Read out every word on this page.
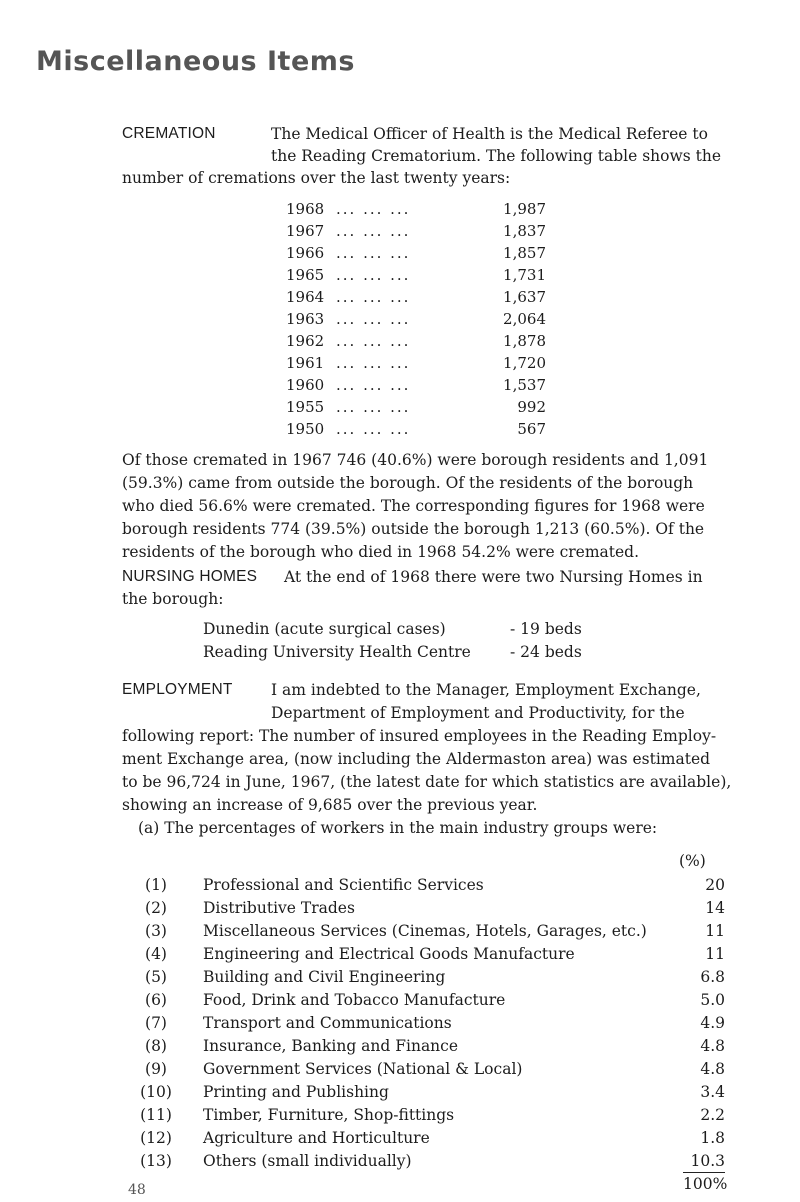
Miscellaneous Items
CREMATION	The Medical Officer of Health is the Medical Referee to
the Reading Crematorium. The following table shows the
number of cremations over the last twenty years:
1968 ... ... ...	1,987
1967 ... ... ...	1,837
1966 ... ... ...	1,857
1965 ... ... ...	1,731
1964 ... ... ...	1,637
1963 ... ... ...	2,064
1962 ... ... ...	1,878
1961 ... ... ...	1,720
1960 ... ... ...	1,537
1955 ... ... ...	992
1950 ... ... ...	567
Of those cremated in 1967 746 (40.6%) were borough residents and 1,091
(59.3%) came from outside the borough. Of the residents of the borough
who died 56.6% were cremated. The corresponding figures for 1968 were
borough residents 774 (39.5%) outside the borough 1,213 (60.5%). Of the
residents of the borough who died in 1968 54.2% were cremated.
NURSING HOMES At the end of 1968 there were two Nursing Homes in
the borough:
Dunedin (acute surgical cases)	- 19 beds
Reading University Health Centre	- 24 beds
EMPLOYMENT I am indebted to the Manager, Employment Exchange,
Department of Employment and Productivity, for the
following report: The number of insured employees in the Reading Employ-
ment Exchange area, (now including the Aldermaston area) was estimated
to be 96,724 in June, 1967, (the latest date for which statistics are available),
showing an increase of 9,685 over the previous year.
(a) The percentages of workers in the main industry groups were:
(%)
(1)	Professional and Scientific Services	20
(2)	Distributive Trades	14
(3)	Miscellaneous Services (Cinemas, Hotels, Garages, etc.)	11
(4)	Engineering and Electrical Goods Manufacture	11
(5)	Building and Civil Engineering	6.8
(6)	Food, Drink and Tobacco Manufacture	5.0
(7)	Transport and Communications	4.9
(8)	Insurance, Banking and Finance	4.8
(9)	Government Services (National & Local)	4.8
(10) Printing and Publishing	3.4
(11) Timber, Furniture, Shop-fittings	2.2
(12) Agriculture and Horticulture	1.8
(13) Others (small individually)	10.3
100%
48
